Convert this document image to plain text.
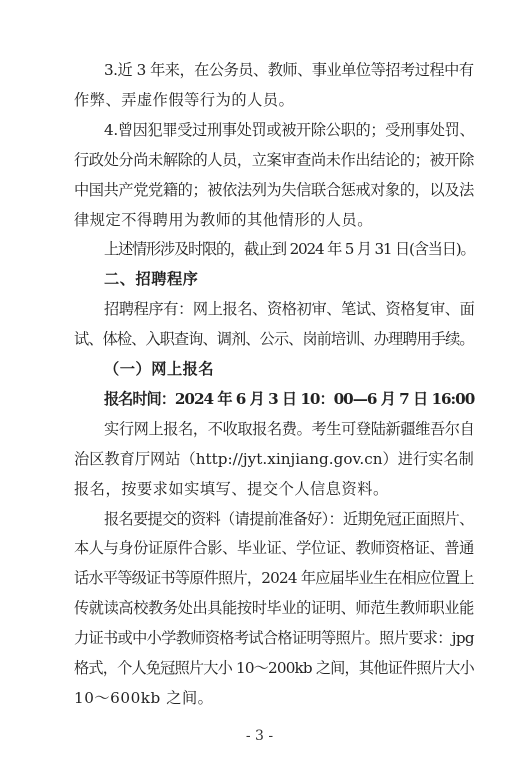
3.近 3 年来，在公务员、教师、事业单位等招考过程中有
作弊、弄虚作假等行为的人员。
4.曾因犯罪受过刑事处罚或被开除公职的；受刑事处罚、
行政处分尚未解除的人员，立案审查尚未作出结论的；被开除
中国共产党党籍的；被依法列为失信联合惩戒对象的，以及法
律规定不得聘用为教师的其他情形的人员。
上述情形涉及时限的，截止到 2024 年 5 月 31 日(含当日)。
二、招聘程序
招聘程序有：网上报名、资格初审、笔试、资格复审、面
试、体检、入职查询、调剂、公示、岗前培训、办理聘用手续。
（一）网上报名
报名时间：2024 年 6 月 3 日 10：00—6 月 7 日 16:00
实行网上报名，不收取报名费。考生可登陆新疆维吾尔自
治区教育厅网站（http://jyt.xinjiang.gov.cn）进行实名制
报名，按要求如实填写、提交个人信息资料。
报名要提交的资料（请提前准备好）：近期免冠正面照片、
本人与身份证原件合影、毕业证、学位证、教师资格证、普通
话水平等级证书等原件照片，2024 年应届毕业生在相应位置上
传就读高校教务处出具能按时毕业的证明、师范生教师职业能
力证书或中小学教师资格考试合格证明等照片。照片要求：jpg
格式，个人免冠照片大小 10～200kb 之间，其他证件照片大小
- 3 -
10～600kb 之间。
